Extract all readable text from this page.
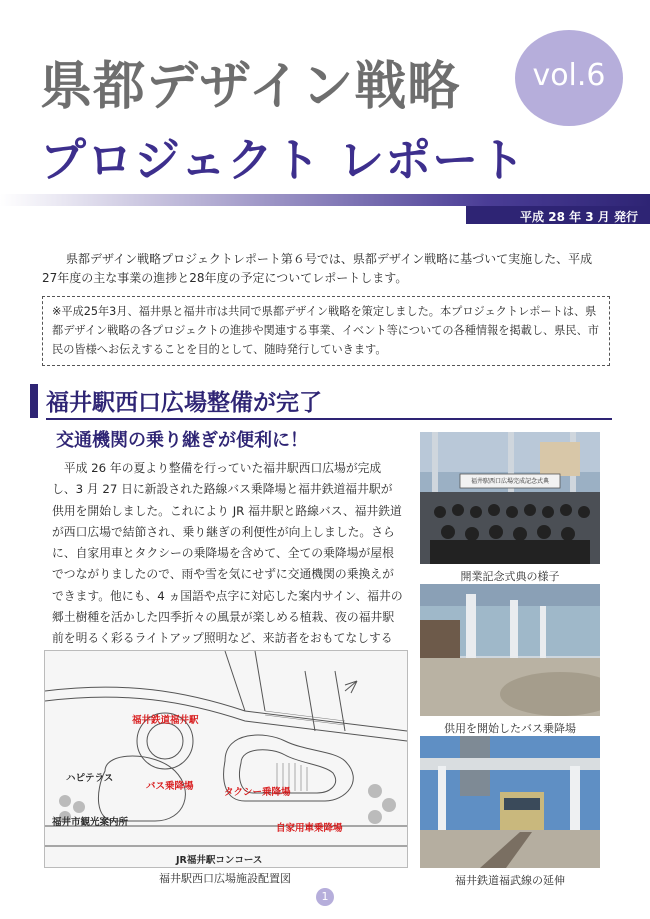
県都デザイン戦略	vol.6
プロジェクト レポート
平成 28 年 3 月 発行
県都デザイン戦略プロジェクトレポート第６号では、県都デザイン戦略に基づいて実施した、平成27年度の主な事業の進捗と28年度の予定についてレポートします。
※平成25年3月、福井県と福井市は共同で県都デザイン戦略を策定しました。本プロジェクトレポートは、県都デザイン戦略の各プロジェクトの進捗や関連する事業、イベント等についての各種情報を掲載し、県民、市民の皆様へお伝えすることを目的として、随時発行していきます。
福井駅西口広場整備が完了
交通機関の乗り継ぎが便利に！
平成 26 年の夏より整備を行っていた福井駅西口広場が完成し、3 月 27 日に新設された路線バス乗降場と福井鉄道福井駅が供用を開始しました。これにより JR 福井駅と路線バス、福井鉄道が西口広場で結節され、乗り継ぎの利便性が向上しました。さらに、自家用車とタクシーの乗降場を含めて、全ての乗降場が屋根でつながりましたので、雨や雪を気にせずに交通機関の乗換えができます。他にも、4 ヵ国語や点字に対応した案内サイン、福井の郷土樹種を活かした四季折々の風景が楽しめる植栽、夜の福井駅前を明るく彩るライトアップ照明など、来訪者をおもてなしする
福井駅西口広場完成記念式典
開業記念式典の様子
供用を開始したバス乗降場
福井鉄道福武線の延伸
福井鉄道福井駅
ハピテラス
バス乗降場
タクシー乗降場
福井市観光案内所
自家用車乗降場
JR福井駅コンコース
福井駅西口広場施設配置図
1
